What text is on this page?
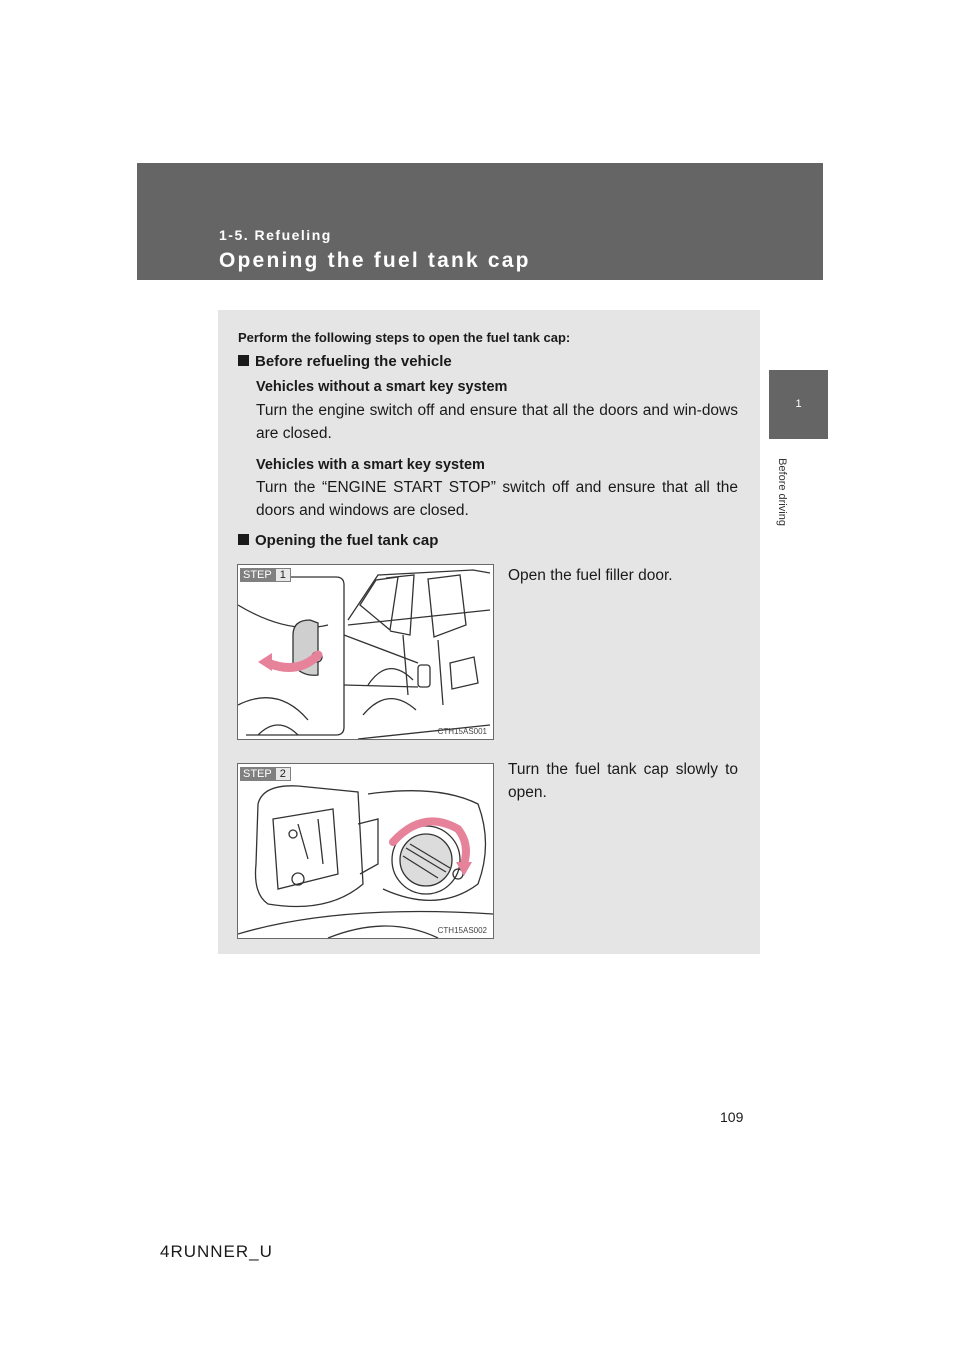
1-5. Refueling
Opening the fuel tank cap
1
Before driving
Perform the following steps to open the fuel tank cap:
Before refueling the vehicle
Vehicles without a smart key system
Turn the engine switch off and ensure that all the doors and win-dows are closed.
Vehicles with a smart key system
Turn the “ENGINE START STOP” switch off and ensure that all the doors and windows are closed.
Opening the fuel tank cap
STEP 1
CTH15AS001
Open the fuel filler door.
STEP 2
CTH15AS002
Turn the fuel tank cap slowly to open.
109
4RUNNER_U
